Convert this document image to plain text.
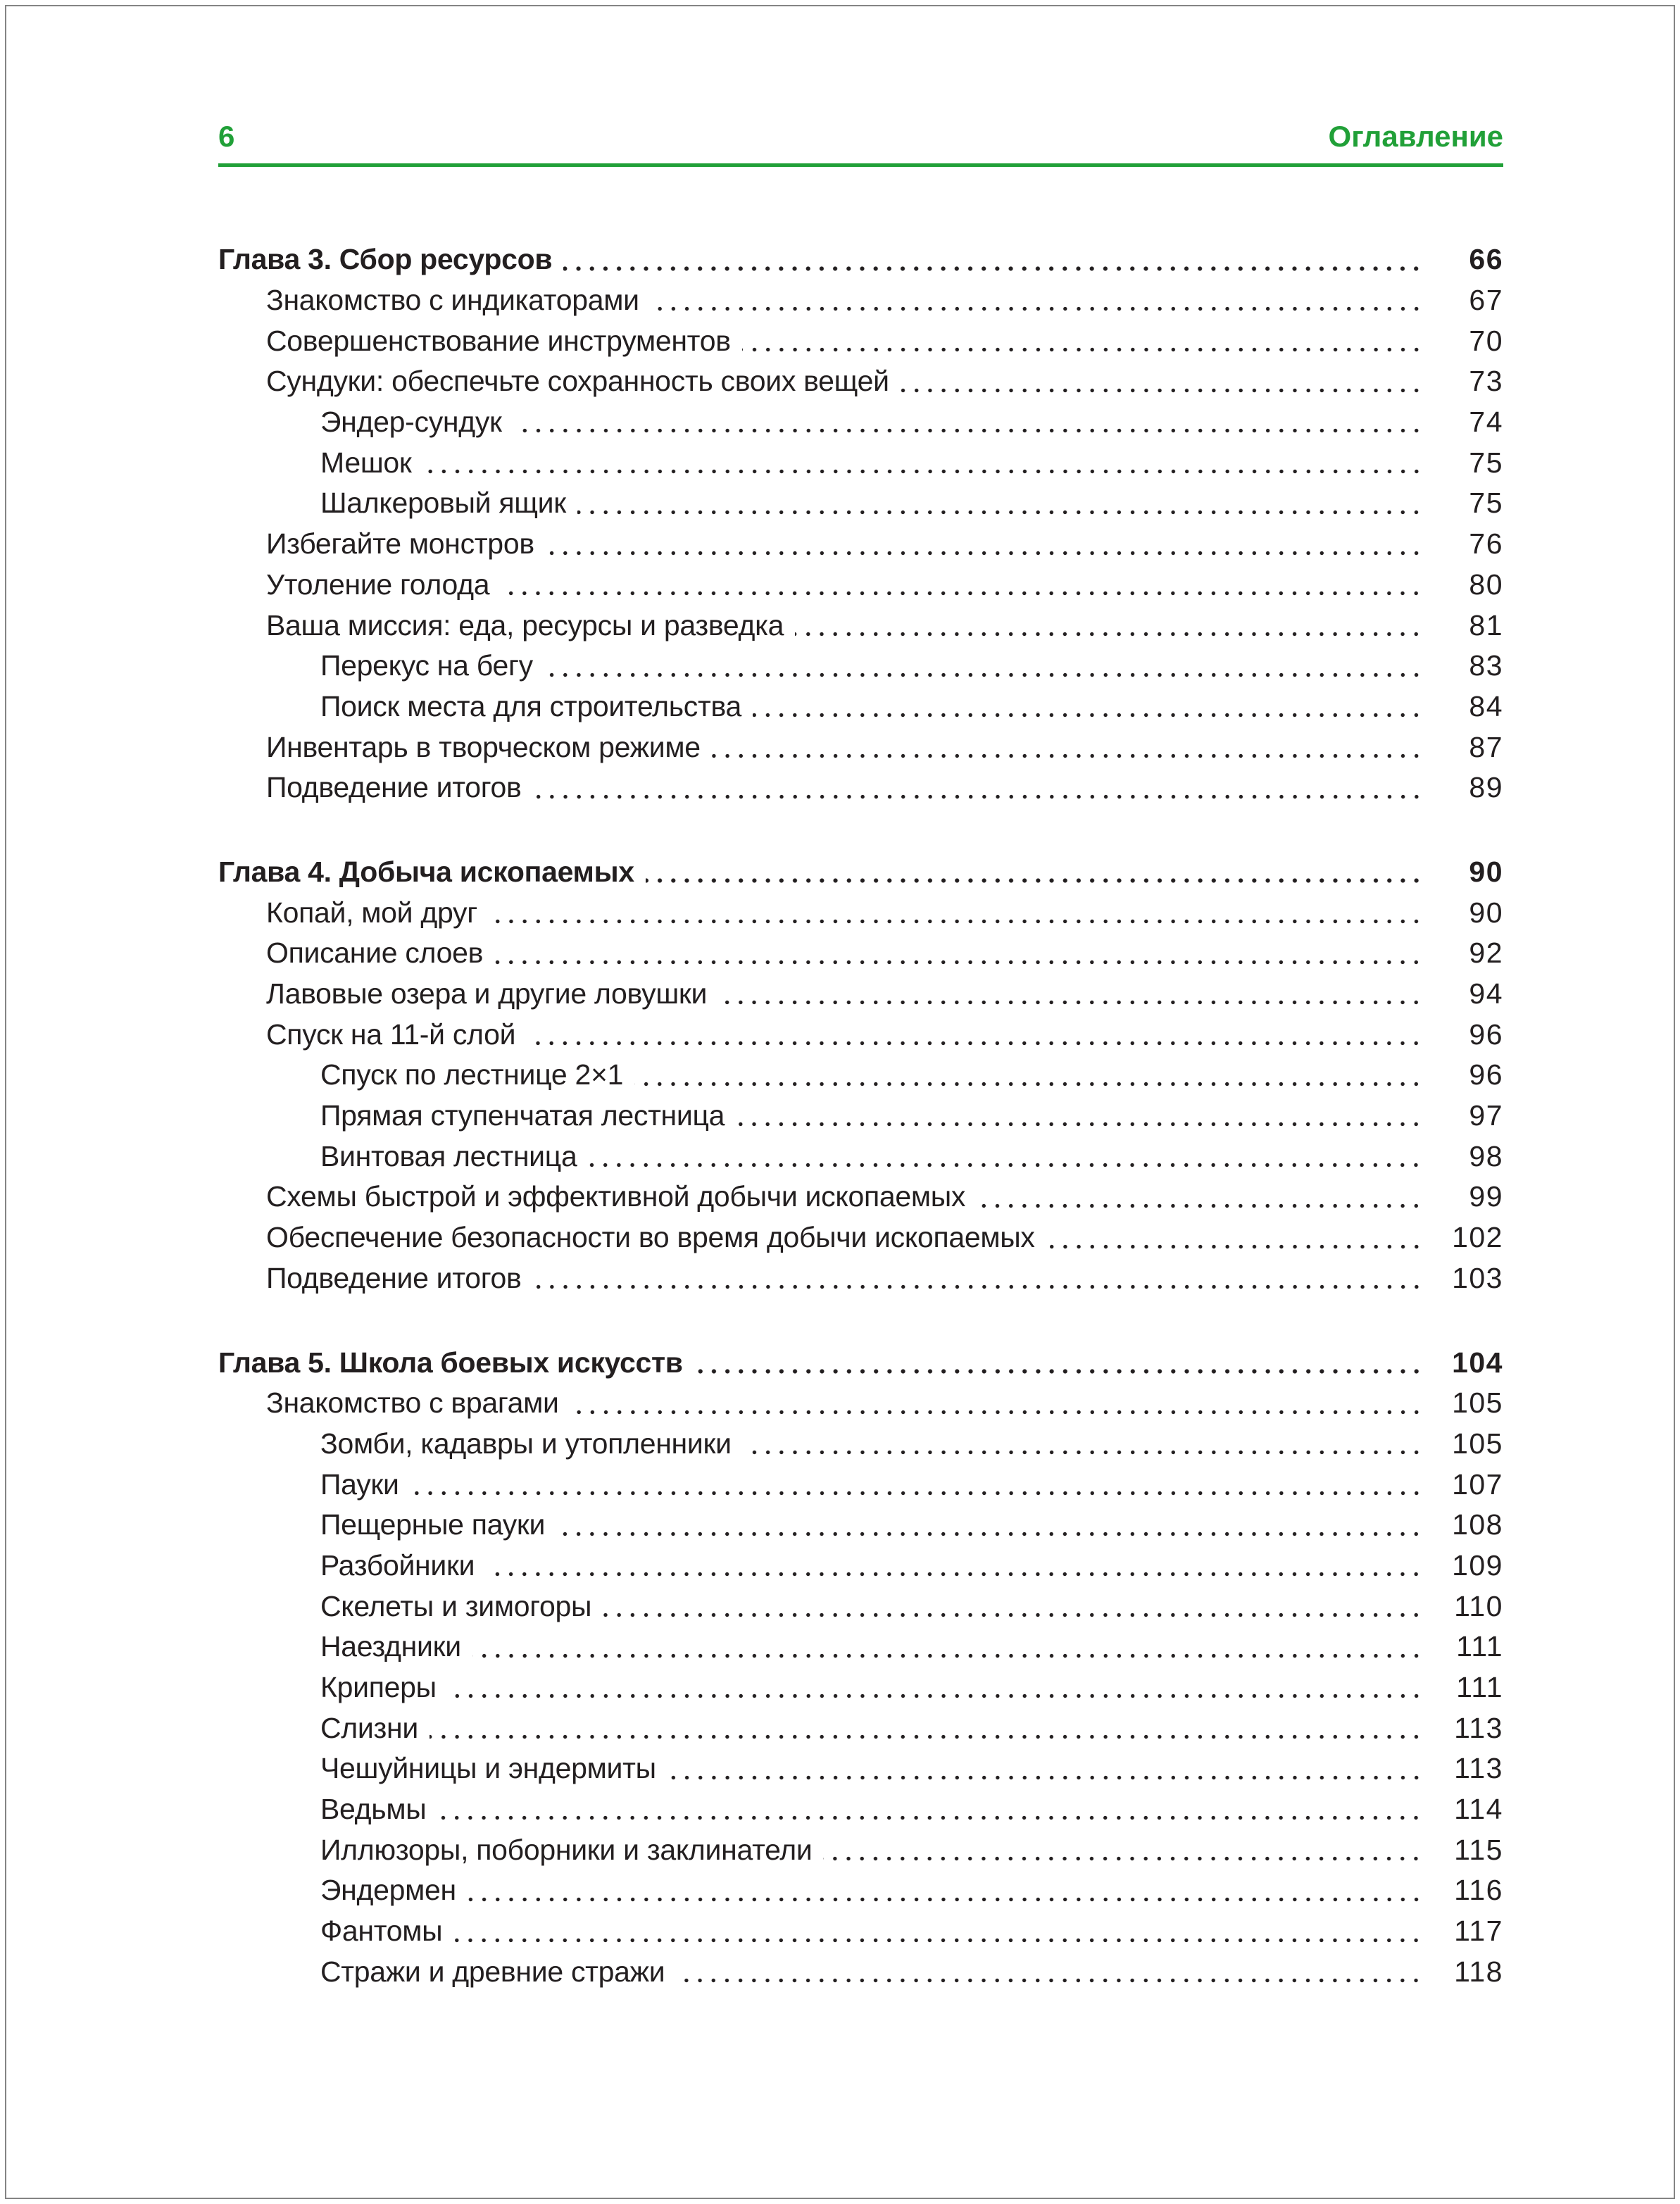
6	Оглавление
Глава 3. Сбор ресурсов	66
Знакомство с индикаторами	67
Совершенствование инструментов	70
Сундуки: обеспечьте сохранность своих вещей	73
Эндер-сундук	74
Мешок	75
Шалкеровый ящик	75
Избегайте монстров	76
Утоление голода	80
Ваша миссия: еда, ресурсы и разведка	81
Перекус на бегу	83
Поиск места для строительства	84
Инвентарь в творческом режиме	87
Подведение итогов	89
Глава 4. Добыча ископаемых	90
Копай, мой друг	90
Описание слоев	92
Лавовые озера и другие ловушки	94
Спуск на 11-й слой	96
Спуск по лестнице 2×1	96
Прямая ступенчатая лестница	97
Винтовая лестница	98
Схемы быстрой и эффективной добычи ископаемых	99
Обеспечение безопасности во время добычи ископаемых	102
Подведение итогов	103
Глава 5. Школа боевых искусств	104
Знакомство с врагами	105
Зомби, кадавры и утопленники	105
Пауки	107
Пещерные пауки	108
Разбойники	109
Скелеты и зимогоры	110
Наездники	111
Криперы	111
Слизни	113
Чешуйницы и эндермиты	113
Ведьмы	114
Иллюзоры, поборники и заклинатели	115
Эндермен	116
Фантомы	117
Стражи и древние стражи	118
